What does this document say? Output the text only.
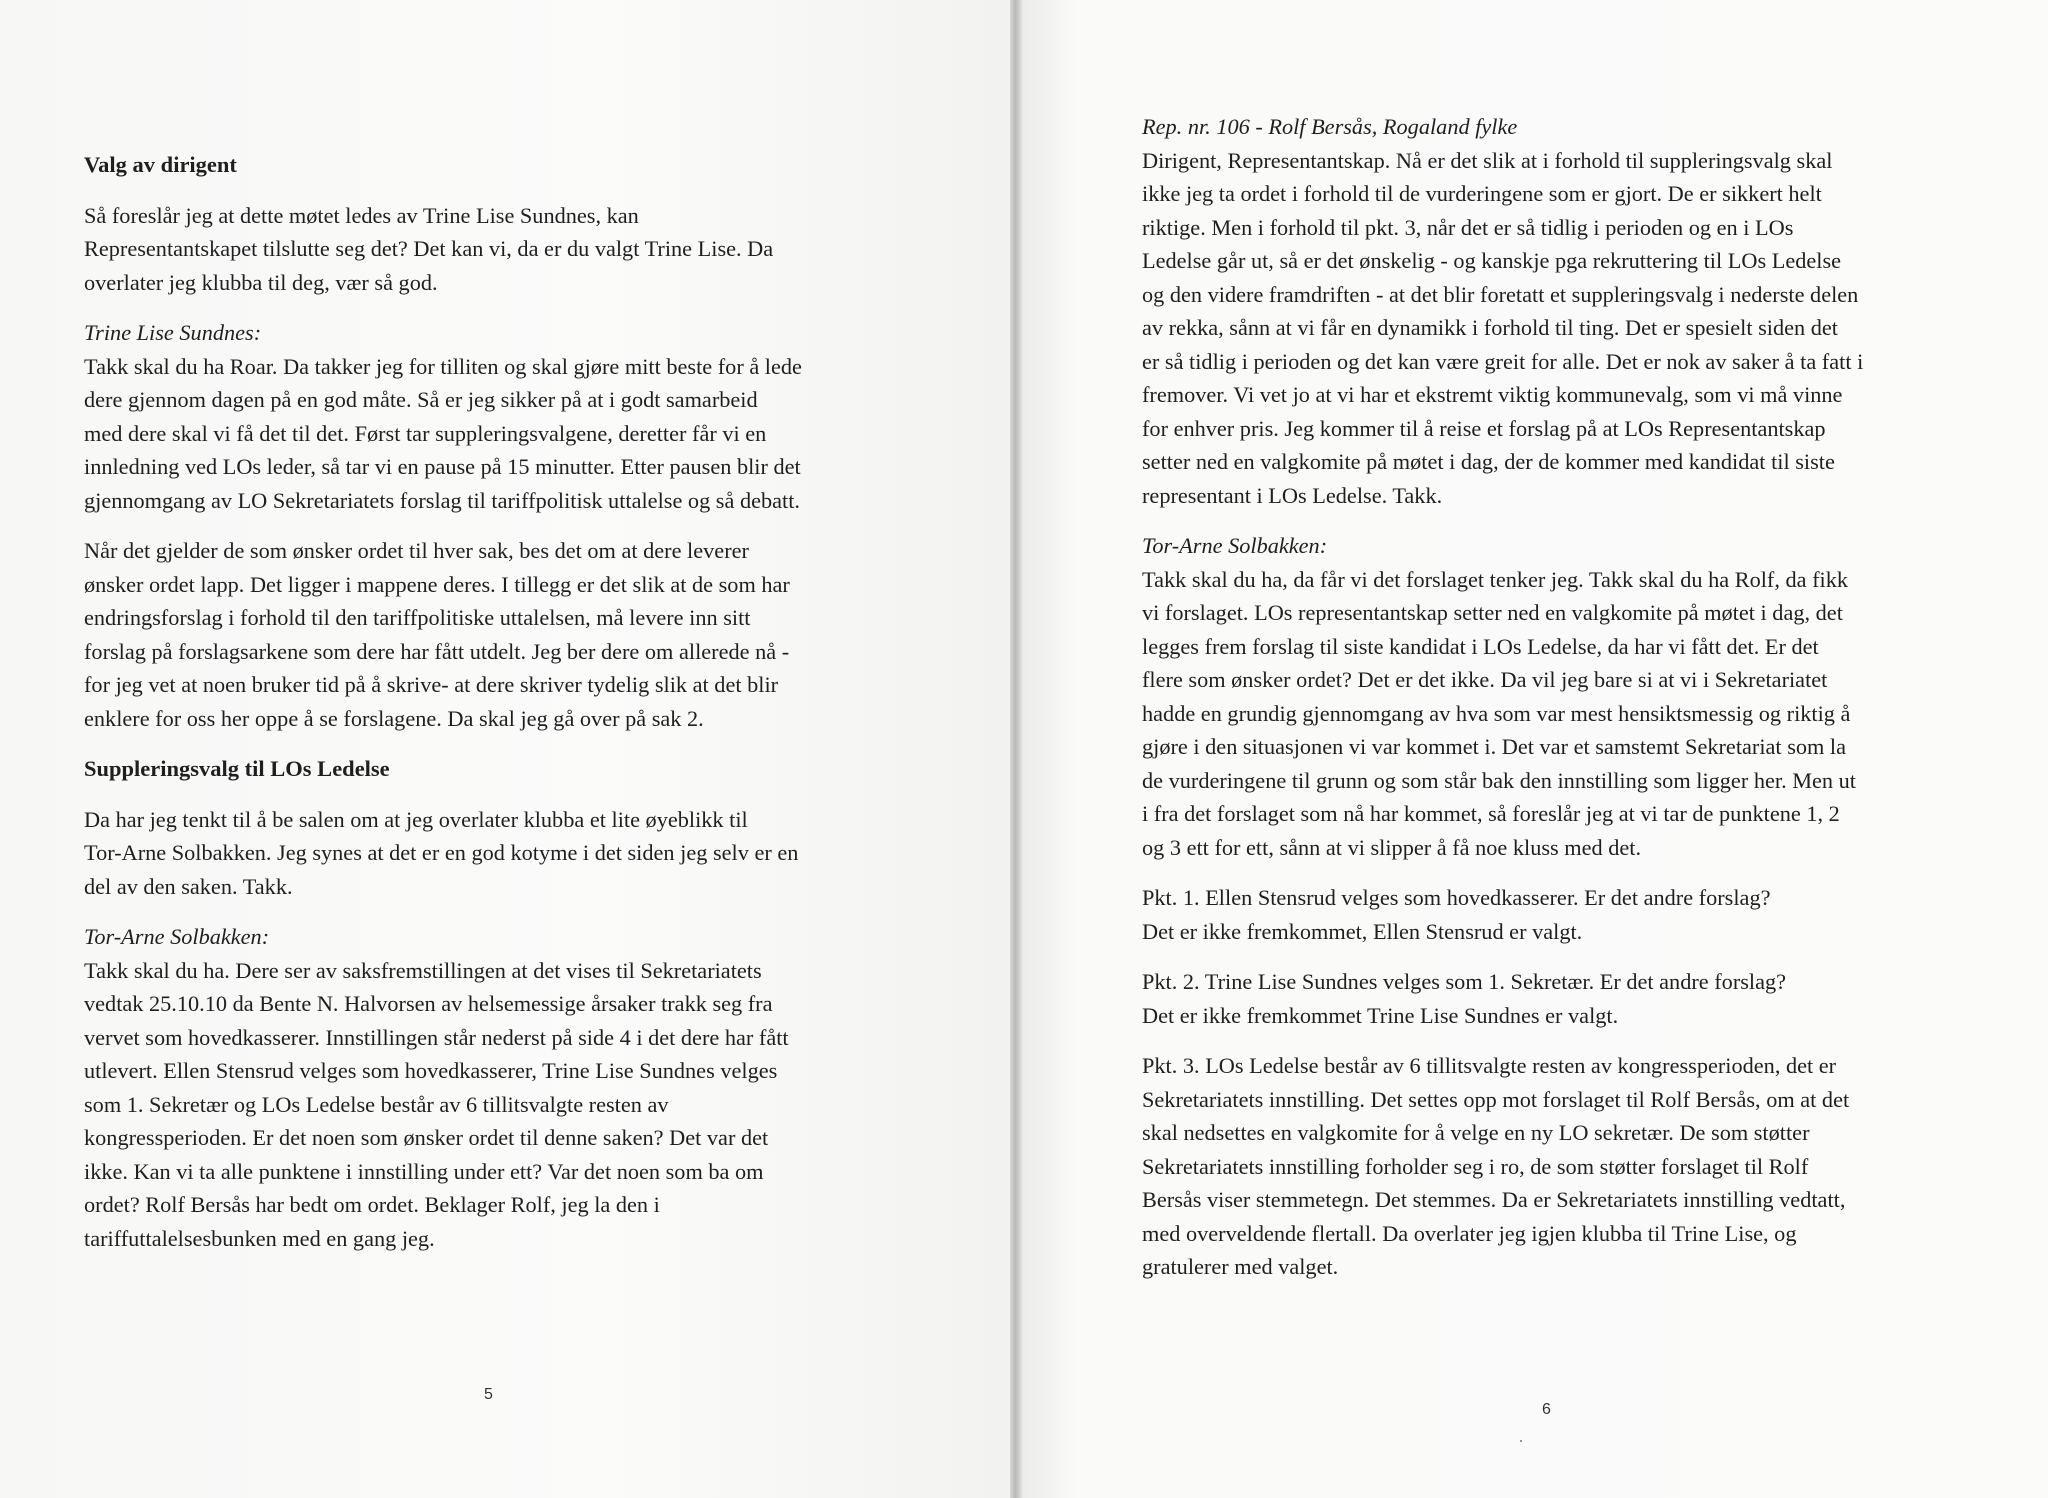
Valg av dirigent

Så foreslår jeg at dette møtet ledes av Trine Lise Sundnes, kan
Representantskapet tilslutte seg det? Det kan vi, da er du valgt Trine Lise. Da
overlater jeg klubba til deg, vær så god.

Trine Lise Sundnes:

Takk skal du ha Roar. Da takker jeg for tilliten og skal gjøre mitt beste for å lede
dere gjennom dagen på en god måte. Så er jeg sikker på at i godt samarbeid
med dere skal vi få det til det. Først tar suppleringsvalgene, deretter får vi en
innledning ved LOs leder, så tar vi en pause på 15 minutter. Etter pausen blir det
gjennomgang av LO Sekretariatets forslag til tariffpolitisk uttalelse og så debatt.

Når det gjelder de som ønsker ordet til hver sak, bes det om at dere leverer
ønsker ordet lapp. Det ligger i mappene deres. I tillegg er det slik at de som har
endringsforslag i forhold til den tariffpolitiske uttalelsen, må levere inn sitt
forslag på forslagsarkene som dere har fått utdelt. Jeg ber dere om allerede nå -
for jeg vet at noen bruker tid på å skrive- at dere skriver tydelig slik at det blir
enklere for oss her oppe å se forslagene. Da skal jeg gå over på sak 2.

Suppleringsvalg til LOs Ledelse

Da har jeg tenkt til å be salen om at jeg overlater klubba et lite øyeblikk til
Tor-Arne Solbakken. Jeg synes at det er en god kotyme i det siden jeg selv er en
del av den saken. Takk.

Tor-Arne Solbakken:

Takk skal du ha. Dere ser av saksfremstillingen at det vises til Sekretariatets
vedtak 25.10.10 da Bente N. Halvorsen av helsemessige årsaker trakk seg fra
vervet som hovedkasserer. Innstillingen står nederst på side 4 i det dere har fått
utlevert. Ellen Stensrud velges som hovedkasserer, Trine Lise Sundnes velges
som 1. Sekretær og LOs Ledelse består av 6 tillitsvalgte resten av
kongressperioden. Er det noen som ønsker ordet til denne saken? Det var det
ikke. Kan vi ta alle punktene i innstilling under ett? Var det noen som ba om
ordet? Rolf Bersås har bedt om ordet. Beklager Rolf, jeg la den i
tariffuttalelsesbunken med en gang jeg.

5
6
Rep. nr. 106 - Rolf Bersås, Rogaland fylke

Dirigent, Representantskap. Nå er det slik at i forhold til suppleringsvalg skal
ikke jeg ta ordet i forhold til de vurderingene som er gjort. De er sikkert helt
riktige. Men i forhold til pkt. 3, når det er så tidlig i perioden og en i LOs
Ledelse går ut, så er det ønskelig - og kanskje pga rekruttering til LOs Ledelse
og den videre framdriften - at det blir foretatt et suppleringsvalg i nederste delen
av rekka, sånn at vi får en dynamikk i forhold til ting. Det er spesielt siden det
er så tidlig i perioden og det kan være greit for alle. Det er nok av saker å ta fatt i
fremover. Vi vet jo at vi har et ekstremt viktig kommunevalg, som vi må vinne
for enhver pris. Jeg kommer til å reise et forslag på at LOs Representantskap
setter ned en valgkomite på møtet i dag, der de kommer med kandidat til siste
representant i LOs Ledelse. Takk.

Tor-Arne Solbakken:

Takk skal du ha, da får vi det forslaget tenker jeg. Takk skal du ha Rolf, da fikk
vi forslaget. LOs representantskap setter ned en valgkomite på møtet i dag, det
legges frem forslag til siste kandidat i LOs Ledelse, da har vi fått det. Er det
flere som ønsker ordet? Det er det ikke. Da vil jeg bare si at vi i Sekretariatet
hadde en grundig gjennomgang av hva som var mest hensiktsmessig og riktig å
gjøre i den situasjonen vi var kommet i. Det var et samstemt Sekretariat som la
de vurderingene til grunn og som står bak den innstilling som ligger her. Men ut
i fra det forslaget som nå har kommet, så foreslår jeg at vi tar de punktene 1, 2
og 3 ett for ett, sånn at vi slipper å få noe kluss med det.

Pkt. 1. Ellen Stensrud velges som hovedkasserer. Er det andre forslag?
Det er ikke fremkommet, Ellen Stensrud er valgt.

Pkt. 2. Trine Lise Sundnes velges som 1. Sekretær. Er det andre forslag?
Det er ikke fremkommet Trine Lise Sundnes er valgt.

Pkt. 3. LOs Ledelse består av 6 tillitsvalgte resten av kongressperioden, det er
Sekretariatets innstilling. Det settes opp mot forslaget til Rolf Bersås, om at det
skal nedsettes en valgkomite for å velge en ny LO sekretær. De som støtter
Sekretariatets innstilling forholder seg i ro, de som støtter forslaget til Rolf
Bersås viser stemmetegn. Det stemmes. Da er Sekretariatets innstilling vedtatt,
med overveldende flertall. Da overlater jeg igjen klubba til Trine Lise, og
gratulerer med valget.
